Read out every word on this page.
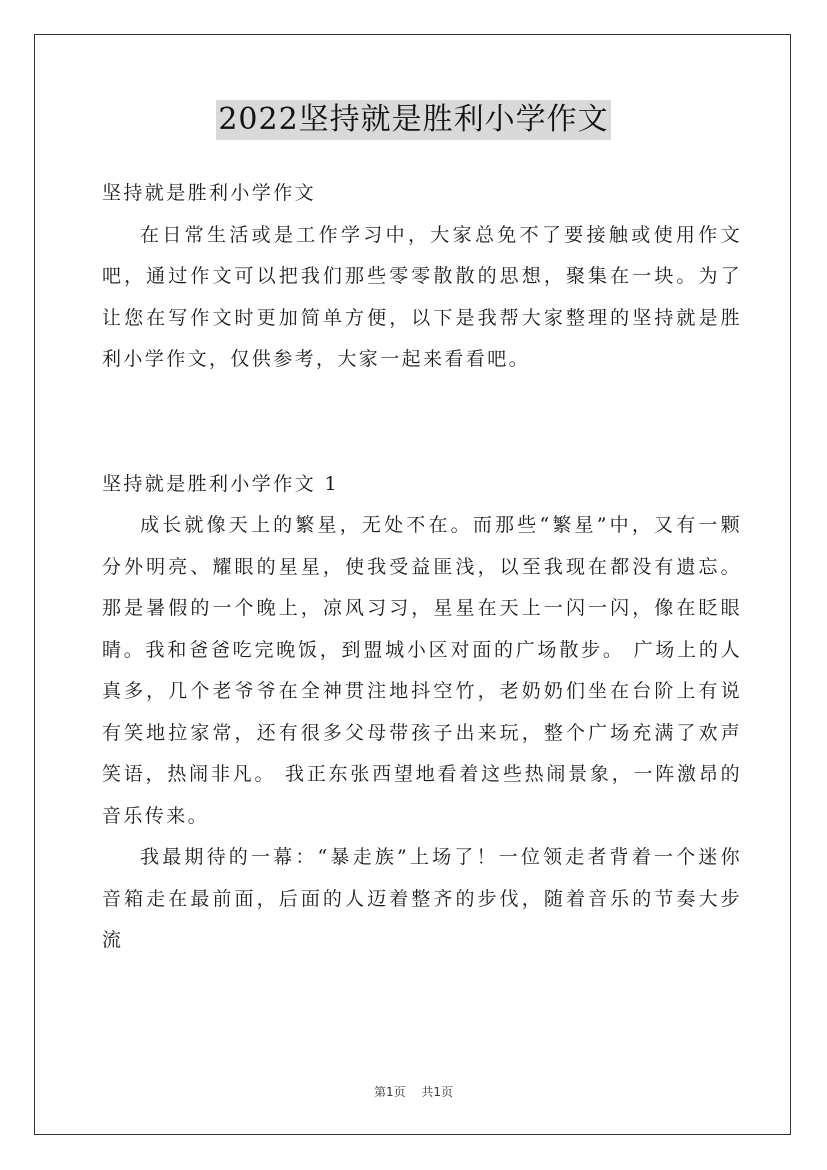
2022坚持就是胜利小学作文

坚持就是胜利小学作文

在日常生活或是工作学习中，大家总免不了要接触或使用作文吧，通过作文可以把我们那些零零散散的思想，聚集在一块。为了让您在写作文时更加简单方便，以下是我帮大家整理的坚持就是胜利小学作文，仅供参考，大家一起来看看吧。

坚持就是胜利小学作文 1

成长就像天上的繁星，无处不在。而那些“繁星”中，又有一颗分外明亮、耀眼的星星，使我受益匪浅，以至我现在都没有遗忘。 那是暑假的一个晚上，凉风习习，星星在天上一闪一闪，像在眨眼睛。我和爸爸吃完晚饭，到盟城小区对面的广场散步。 广场上的人真多，几个老爷爷在全神贯注地抖空竹，老奶奶们坐在台阶上有说有笑地拉家常，还有很多父母带孩子出来玩，整个广场充满了欢声笑语，热闹非凡。 我正东张西望地看着这些热闹景象，一阵激昂的音乐传来。

我最期待的一幕：“暴走族”上场了！一位领走者背着一个迷你音箱走在最前面，后面的人迈着整齐的步伐，随着音乐的节奏大步流

第1页 共1页
